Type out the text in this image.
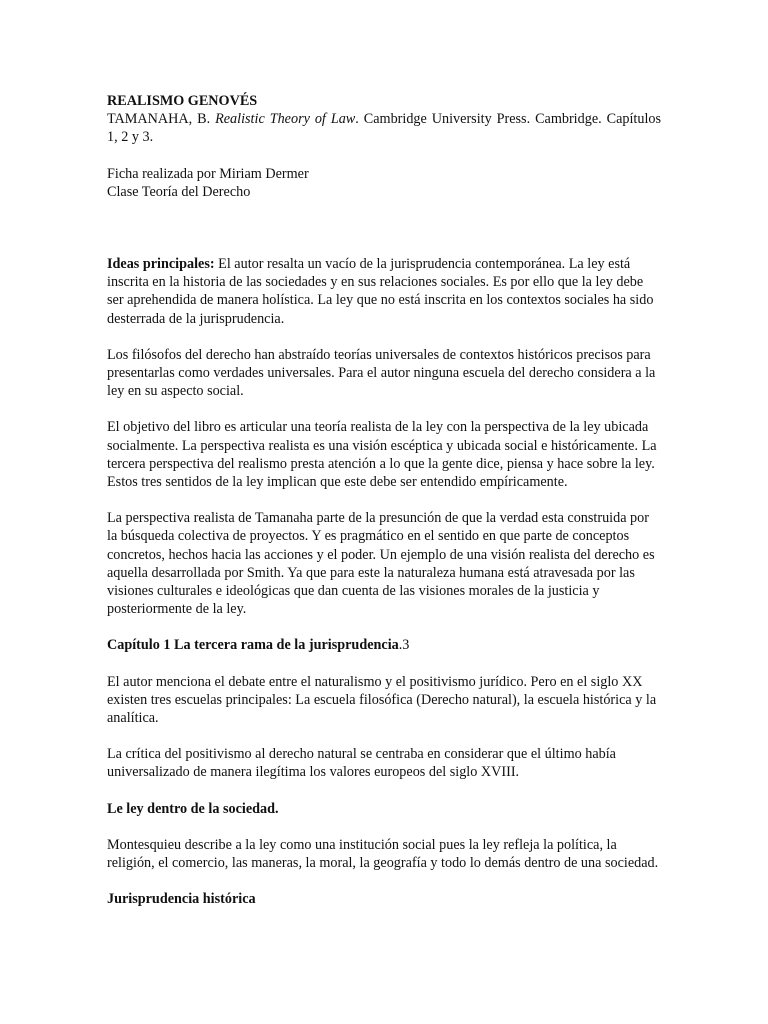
REALISMO GENOVÉS
TAMANAHA, B. Realistic Theory of Law. Cambridge University Press. Cambridge. Capítulos 1, 2 y 3.
Ficha realizada por Miriam Dermer
Clase Teoría del Derecho
Ideas principales: El autor resalta un vacío de la jurisprudencia contemporánea. La ley está inscrita en la historia de las sociedades y en sus relaciones sociales. Es por ello que la ley debe ser aprehendida de manera holística. La ley que no está inscrita en los contextos sociales ha sido desterrada de la jurisprudencia.
Los filósofos del derecho han abstraído teorías universales de contextos históricos precisos para presentarlas como verdades universales. Para el autor ninguna escuela del derecho considera a la ley en su aspecto social.
El objetivo del libro es articular una teoría realista de la ley con la perspectiva de la ley ubicada socialmente. La perspectiva realista es una visión escéptica y ubicada social e históricamente. La tercera perspectiva del realismo presta atención a lo que la gente dice, piensa y hace sobre la ley. Estos tres sentidos de la ley implican que este debe ser entendido empíricamente.
La perspectiva realista de Tamanaha parte de la presunción de que la verdad esta construida por la búsqueda colectiva de proyectos. Y es pragmático en el sentido en que parte de conceptos concretos, hechos hacia las acciones y el poder. Un ejemplo de una visión realista del derecho es aquella desarrollada por Smith. Ya que para este la naturaleza humana está atravesada por las visiones culturales e ideológicas que dan cuenta de las visiones morales de la justicia y posteriormente de la ley.
Capítulo 1 La tercera rama de la jurisprudencia.3
El autor menciona el debate entre el naturalismo y el positivismo jurídico. Pero en el siglo XX existen tres escuelas principales: La escuela filosófica (Derecho natural), la escuela histórica y la analítica.
La crítica del positivismo al derecho natural se centraba en considerar que el último había universalizado de manera ilegítima los valores europeos del siglo XVIII.
Le ley dentro de la sociedad.
Montesquieu describe a la ley como una institución social pues la ley refleja la política, la religión, el comercio, las maneras, la moral, la geografía y todo lo demás dentro de una sociedad.
Jurisprudencia histórica
